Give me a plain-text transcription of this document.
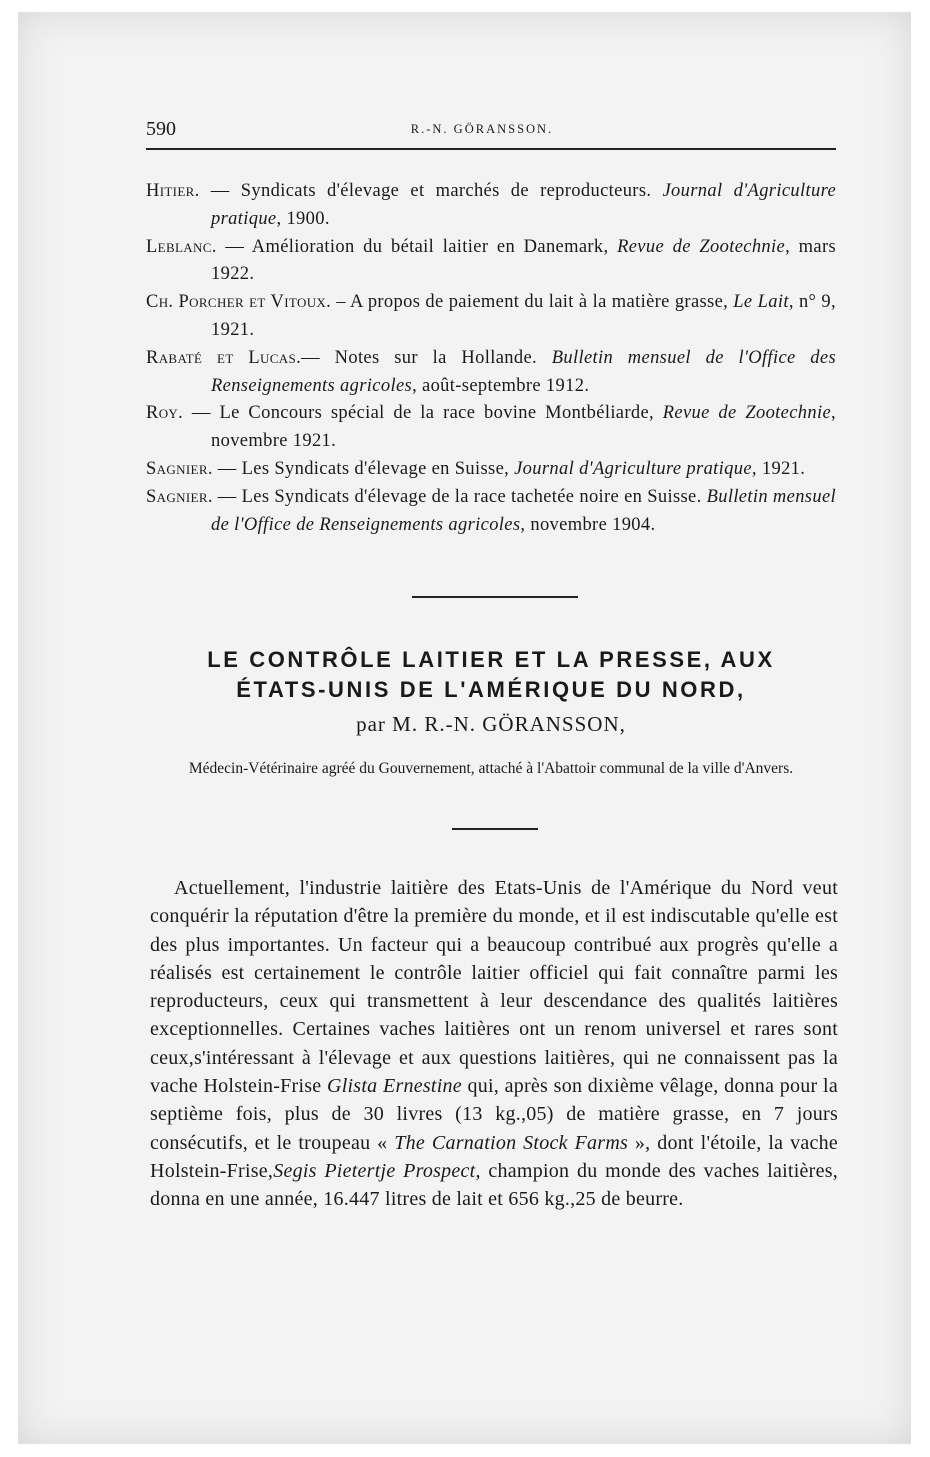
590	R.-N. GÖRANSSON.
Hitier. — Syndicats d'élevage et marchés de reproducteurs. Journal d'Agriculture pratique, 1900.
Leblanc. — Amélioration du bétail laitier en Danemark, Revue de Zootechnie, mars 1922.
Ch. Porcher et Vitoux. – A propos de paiement du lait à la matière grasse, Le Lait, n° 9, 1921.
Rabaté et Lucas.— Notes sur la Hollande. Bulletin mensuel de l'Office des Renseignements agricoles, août-septembre 1912.
Roy. — Le Concours spécial de la race bovine Montbéliarde, Revue de Zootechnie, novembre 1921.
Sagnier. — Les Syndicats d'élevage en Suisse, Journal d'Agriculture pratique, 1921.
Sagnier. — Les Syndicats d'élevage de la race tachetée noire en Suisse. Bulletin mensuel de l'Office de Renseignements agricoles, novembre 1904.
LE CONTRÔLE LAITIER ET LA PRESSE, AUX
ÉTATS-UNIS DE L'AMÉRIQUE DU NORD,
par M. R.-N. GÖRANSSON,
Médecin-Vétérinaire agréé du Gouvernement, attaché à l'Abattoir communal de la ville d'Anvers.

Actuellement, l'industrie laitière des Etats-Unis de l'Amérique du Nord veut conquérir la réputation d'être la première du monde, et il est indiscutable qu'elle est des plus importantes. Un facteur qui a beaucoup contribué aux progrès qu'elle a réalisés est certainement le contrôle laitier officiel qui fait connaître parmi les reproducteurs, ceux qui transmettent à leur descendance des qualités laitières exceptionnelles. Certaines vaches laitières ont un renom universel et rares sont ceux,s'intéressant à l'élevage et aux questions laitières, qui ne connaissent pas la vache Holstein-Frise Glista Ernestine qui, après son dixième vêlage, donna pour la septième fois, plus de 30 livres (13 kg.,05) de matière grasse, en 7 jours consécutifs, et le troupeau « The Carnation Stock Farms », dont l'étoile, la vache Holstein-Frise,Segis Pietertje Prospect, champion du monde des vaches laitières, donna en une année, 16.447 litres de lait et 656 kg.,25 de beurre.
